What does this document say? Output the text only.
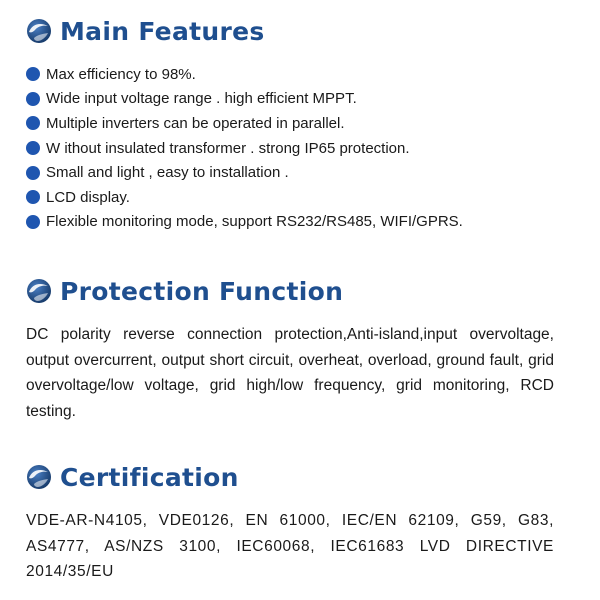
Main Features
Max efficiency to 98%.
Wide input voltage range . high efficient MPPT.
Multiple inverters can be operated in parallel.
W ithout insulated transformer . strong IP65 protection.
Small and light , easy to installation .
LCD display.
Flexible monitoring mode, support RS232/RS485, WIFI/GPRS.
Protection Function

DC polarity reverse connection protection,Anti-island,input overvoltage, output overcurrent, output short circuit, overheat, overload, ground fault, grid overvoltage/low voltage, grid high/low frequency, grid monitoring, RCD testing.

Certification

VDE-AR-N4105, VDE0126, EN 61000, IEC/EN 62109, G59, G83, AS4777, AS/NZS 3100, IEC60068, IEC61683 LVD DIRECTIVE 2014/35/EU
